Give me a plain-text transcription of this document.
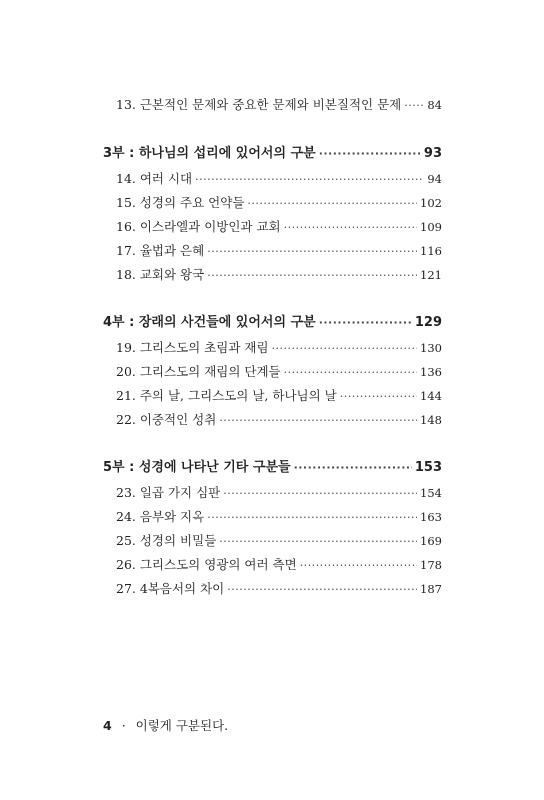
13. 근본적인 문제와 중요한 문제와 비본질적인 문제 ····· 84
3부 : 하나님의 섭리에 있어서의 구분 ·····	93
14. 여러 시대 ·····	94
15. 성경의 주요 언약들 ·····	102
16. 이스라엘과 이방인과 교회 ·····	109
17. 율법과 은혜 ·····	116
18. 교회와 왕국 ·····	121
4부 : 장래의 사건들에 있어서의 구분 ·····	129
19. 그리스도의 초림과 재림 ·····	130
20. 그리스도의 재림의 단계들 ·····	136
21. 주의 날, 그리스도의 날, 하나님의 날 ·····	144
22. 이중적인 성취 ·····	148
5부 : 성경에 나타난 기타 구분들 ·····	153
23. 일곱 가지 심판 ·····	154
24. 음부와 지옥 ·····	163
25. 성경의 비밀들 ·····	169
26. 그리스도의 영광의 여러 측면 ·····	178
27. 4복음서의 차이 ·····	187
4 · 이렇게 구분된다.
